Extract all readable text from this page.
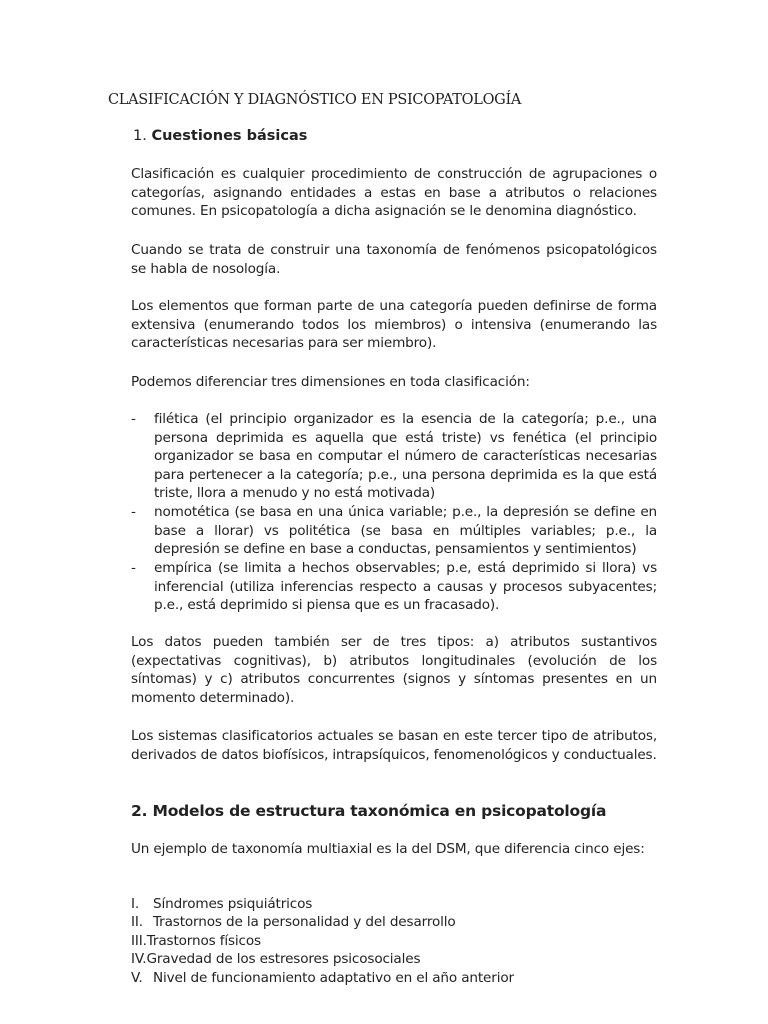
CLASIFICACIÓN Y DIAGNÓSTICO EN PSICOPATOLOGÍA
1. Cuestiones básicas
Clasificación es cualquier procedimiento de construcción de agrupaciones o categorías, asignando entidades a estas en base a atributos o relaciones comunes. En psicopatología a dicha asignación se le denomina diagnóstico.
Cuando se trata de construir una taxonomía de fenómenos psicopatológicos se habla de nosología.
Los elementos que forman parte de una categoría pueden definirse de forma extensiva (enumerando todos los miembros) o intensiva (enumerando las características necesarias para ser miembro).
Podemos diferenciar tres dimensiones en toda clasificación:
- filética (el principio organizador es la esencia de la categoría; p.e., una persona deprimida es aquella que está triste) vs fenética (el principio organizador se basa en computar el número de características necesarias para pertenecer a la categoría; p.e., una persona deprimida es la que está triste, llora a menudo y no está motivada)
- nomotética (se basa en una única variable; p.e., la depresión se define en base a llorar) vs politética (se basa en múltiples variables; p.e., la depresión se define en base a conductas, pensamientos y sentimientos)
- empírica (se limita a hechos observables; p.e, está deprimido si llora) vs inferencial (utiliza inferencias respecto a causas y procesos subyacentes; p.e., está deprimido si piensa que es un fracasado).
Los datos pueden también ser de tres tipos: a) atributos sustantivos (expectativas cognitivas), b) atributos longitudinales (evolución de los síntomas) y c) atributos concurrentes (signos y síntomas presentes en un momento determinado).
Los sistemas clasificatorios actuales se basan en este tercer tipo de atributos, derivados de datos biofísicos, intrapsíquicos, fenomenológicos y conductuales.
2. Modelos de estructura taxonómica en psicopatología
Un ejemplo de taxonomía multiaxial es la del DSM, que diferencia cinco ejes:
I. Síndromes psiquiátricos
II. Trastornos de la personalidad y del desarrollo
III.Trastornos físicos
IV.Gravedad de los estresores psicosociales
V. Nivel de funcionamiento adaptativo en el año anterior
